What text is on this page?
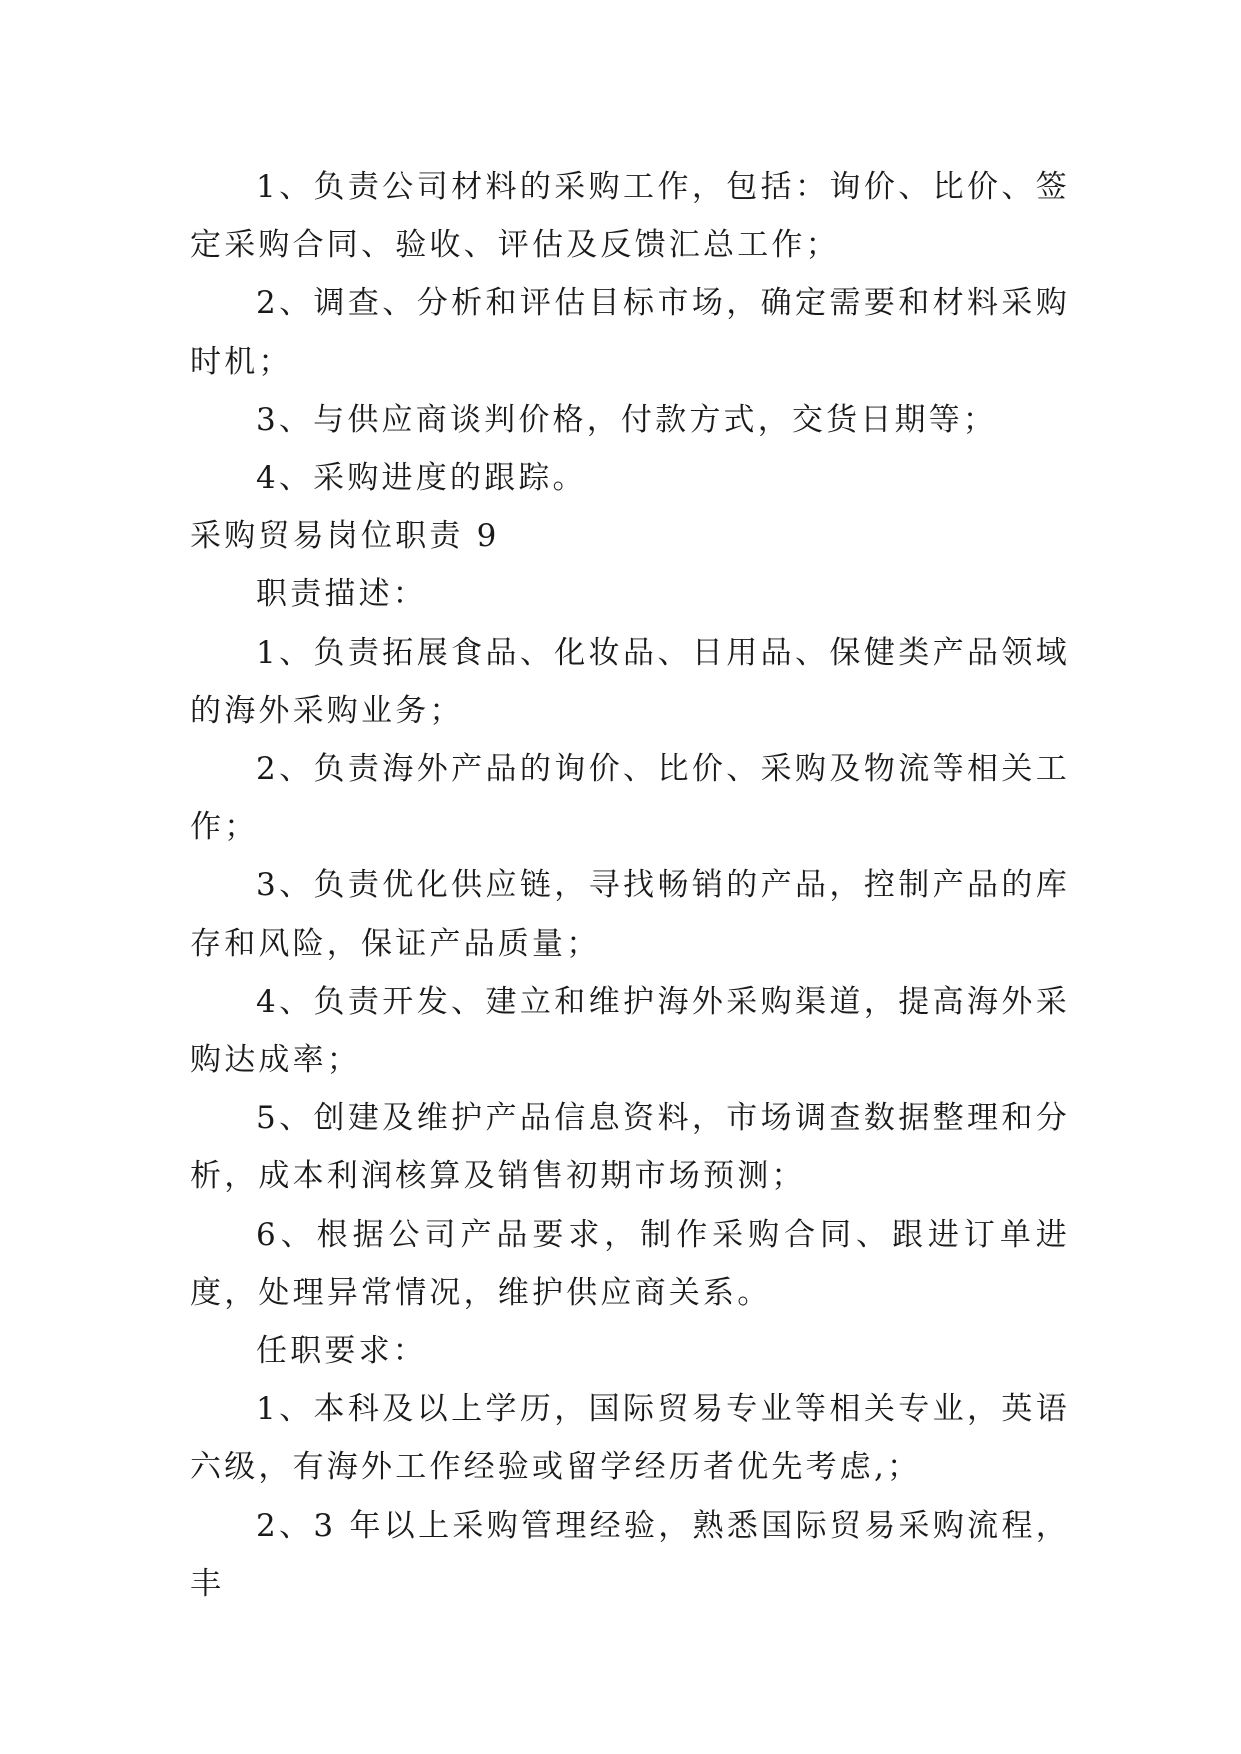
1、负责公司材料的采购工作，包括：询价、比价、签定采购合同、验收、评估及反馈汇总工作；

2、调查、分析和评估目标市场，确定需要和材料采购时机；

3、与供应商谈判价格，付款方式，交货日期等；

4、采购进度的跟踪。

采购贸易岗位职责 9

职责描述：

1、负责拓展食品、化妆品、日用品、保健类产品领域的海外采购业务；

2、负责海外产品的询价、比价、采购及物流等相关工作；

3、负责优化供应链，寻找畅销的产品，控制产品的库存和风险，保证产品质量；

4、负责开发、建立和维护海外采购渠道，提高海外采购达成率；

5、创建及维护产品信息资料，市场调查数据整理和分析，成本利润核算及销售初期市场预测；

6、根据公司产品要求，制作采购合同、跟进订单进度，处理异常情况，维护供应商关系。

任职要求：

1、本科及以上学历，国际贸易专业等相关专业，英语六级，有海外工作经验或留学经历者优先考虑,；

2、3 年以上采购管理经验，熟悉国际贸易采购流程，丰
